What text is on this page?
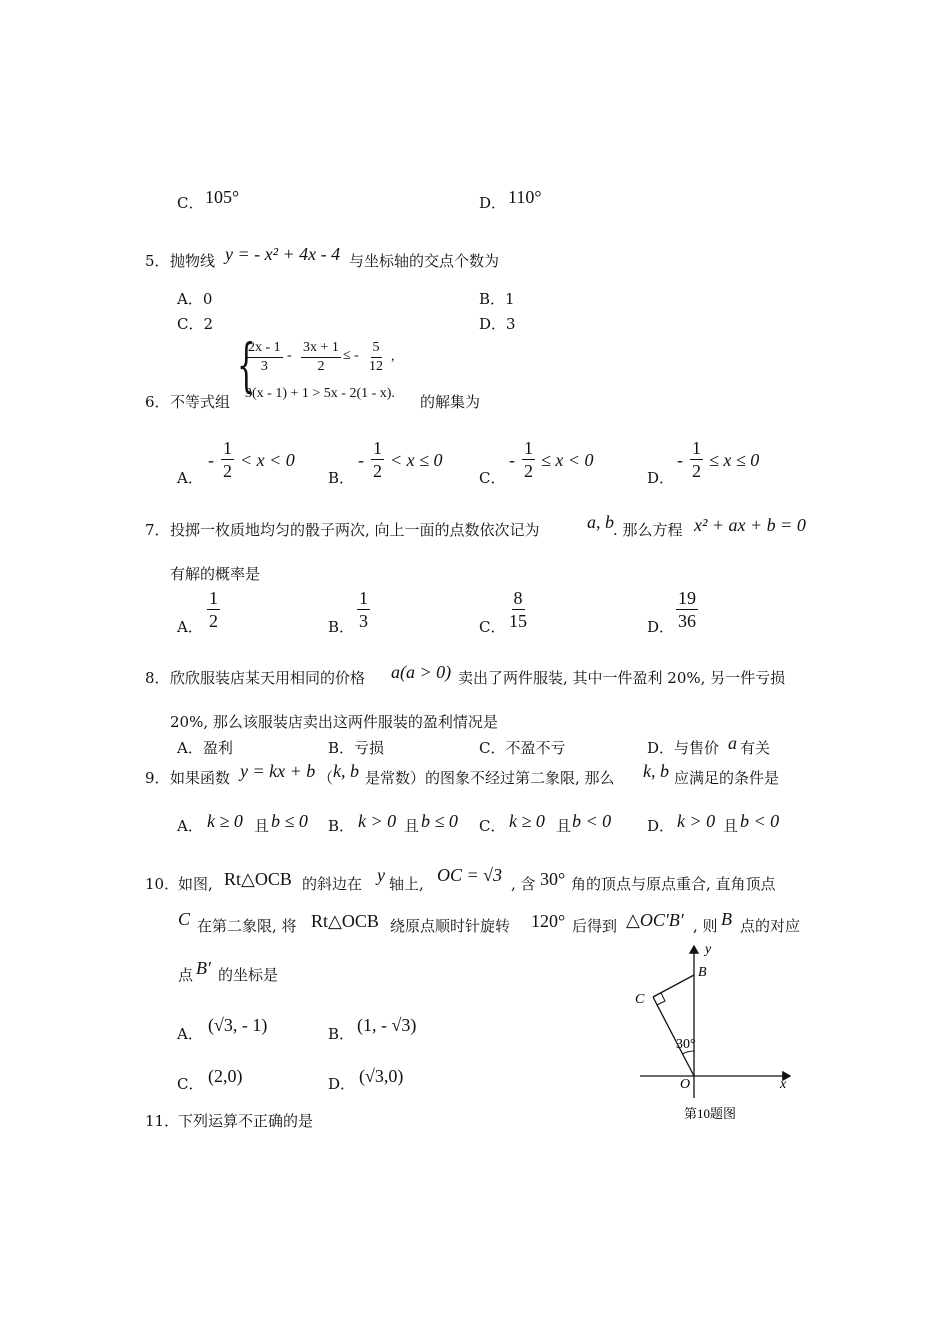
C． 105°	D． 110°
5． 抛物线 y = - x² + 4x - 4 与坐标轴的交点个数为
A．0	B．1
C．2	D．3
6． 不等式组
{
$\frac{2x - 1}{3} - \frac{3x + 1}{2}$ ≤ - $\frac{5}{12}$ ,
3(x - 1) + 1 > 5x - 2(1 - x). 的解集为
A．
- $\frac{1}{2} < x < 0$
B．
- $\frac{1}{2} < x \le 0$
C．
- $\frac{1}{2} \le x < 0$
D．
- $\frac{1}{2} \le x \le 0$
7． 投掷一枚质地均匀的骰子两次, 向上一面的点数依次记为	a, b . 那么方程 x² + ax + b = 0
有解的概率是
A． $\frac{1}{2}$	B． $\frac{1}{3}$	C． $\frac{8}{15}$	D． $\frac{19}{36}$
8． 欣欣服装店某天用相同的价格 a(a > 0) 卖出了两件服装, 其中一件盈利 20%, 另一件亏损
20%, 那么该服装店卖出这两件服装的盈利情况是
A．盈利	B．亏损	C．不盈不亏	D．与售价 a 有关
9． 如果函数 y = kx + b （ k, b 是常数）的图象不经过第二象限, 那么 k, b 应满足的条件是
A． k ≥ 0 且 b ≤ 0 B． k > 0 且 b ≤ 0 C． k ≥ 0 且 b < 0 D． k > 0 且 b < 0
10．
如图, Rt△OCB 的斜边在 y 轴上, OC = √3 , 含 30° 角的顶点与原点重合, 直角顶点
C 在第二象限, 将 Rt△OCB 绕原点顺时针旋转 120° 后得到 △OC′B′ , 则 B 点的对应
点 B′ 的坐标是
A． (√3, - 1)	B． (1, - √3)
C． (2,0)	D． (√3,0)
y
x
B
C
O
30°
第10题图
11．
下列运算不正确的是
